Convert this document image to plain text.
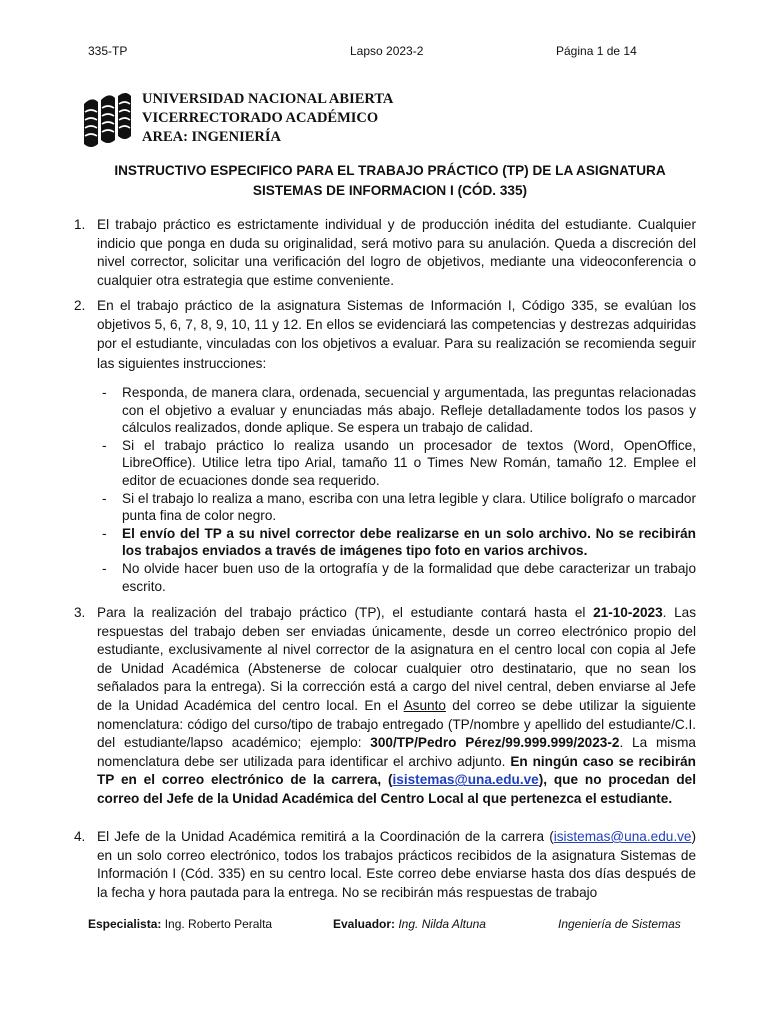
335-TP	Lapso 2023-2	Página 1 de 14
UNIVERSIDAD NACIONAL ABIERTA
VICERRECTORADO ACADÉMICO
AREA: INGENIERÍA
INSTRUCTIVO ESPECIFICO PARA EL TRABAJO PRÁCTICO (TP) DE LA ASIGNATURA
SISTEMAS DE INFORMACION I (CÓD. 335)
1. El trabajo práctico es estrictamente individual y de producción inédita del estudiante. Cualquier indicio que ponga en duda su originalidad, será motivo para su anulación. Queda a discreción del nivel corrector, solicitar una verificación del logro de objetivos, mediante una videoconferencia o cualquier otra estrategia que estime conveniente.
2. En el trabajo práctico de la asignatura Sistemas de Información I, Código 335, se evalúan los objetivos 5, 6, 7, 8, 9, 10, 11 y 12. En ellos se evidenciará las competencias y destrezas adquiridas por el estudiante, vinculadas con los objetivos a evaluar. Para su realización se recomienda seguir las siguientes instrucciones:
-	Responda, de manera clara, ordenada, secuencial y argumentada, las preguntas relacionadas con el objetivo a evaluar y enunciadas más abajo. Refleje detalladamente todos los pasos y cálculos realizados, donde aplique. Se espera un trabajo de calidad.
-	Si el trabajo práctico lo realiza usando un procesador de textos (Word, OpenOffice, LibreOffice). Utilice letra tipo Arial, tamaño 11 o Times New Román, tamaño 12. Emplee el editor de ecuaciones donde sea requerido.
-	Si el trabajo lo realiza a mano, escriba con una letra legible y clara. Utilice bolígrafo o marcador punta fina de color negro.
-	El envío del TP a su nivel corrector debe realizarse en un solo archivo. No se recibirán los trabajos enviados a través de imágenes tipo foto en varios archivos.
-	No olvide hacer buen uso de la ortografía y de la formalidad que debe caracterizar un trabajo escrito.
3. Para la realización del trabajo práctico (TP), el estudiante contará hasta el 21-10-2023. Las respuestas del trabajo deben ser enviadas únicamente, desde un correo electrónico propio del estudiante, exclusivamente al nivel corrector de la asignatura en el centro local con copia al Jefe de Unidad Académica (Abstenerse de colocar cualquier otro destinatario, que no sean los señalados para la entrega). Si la corrección está a cargo del nivel central, deben enviarse al Jefe de la Unidad Académica del centro local. En el Asunto del correo se debe utilizar la siguiente nomenclatura: código del curso/tipo de trabajo entregado (TP/nombre y apellido del estudiante/C.I. del estudiante/lapso académico; ejemplo: 300/TP/Pedro Pérez/99.999.999/2023-2. La misma nomenclatura debe ser utilizada para identificar el archivo adjunto. En ningún caso se recibirán TP en el correo electrónico de la carrera, (isistemas@una.edu.ve), que no procedan del correo del Jefe de la Unidad Académica del Centro Local al que pertenezca el estudiante.
4. El Jefe de la Unidad Académica remitirá a la Coordinación de la carrera (isistemas@una.edu.ve) en un solo correo electrónico, todos los trabajos prácticos recibidos de la asignatura Sistemas de Información I (Cód. 335) en su centro local. Este correo debe enviarse hasta dos días después de la fecha y hora pautada para la entrega. No se recibirán más respuestas de trabajo
Especialista: Ing. Roberto Peralta	Evaluador: Ing. Nilda Altuna	Ingeniería de Sistemas
